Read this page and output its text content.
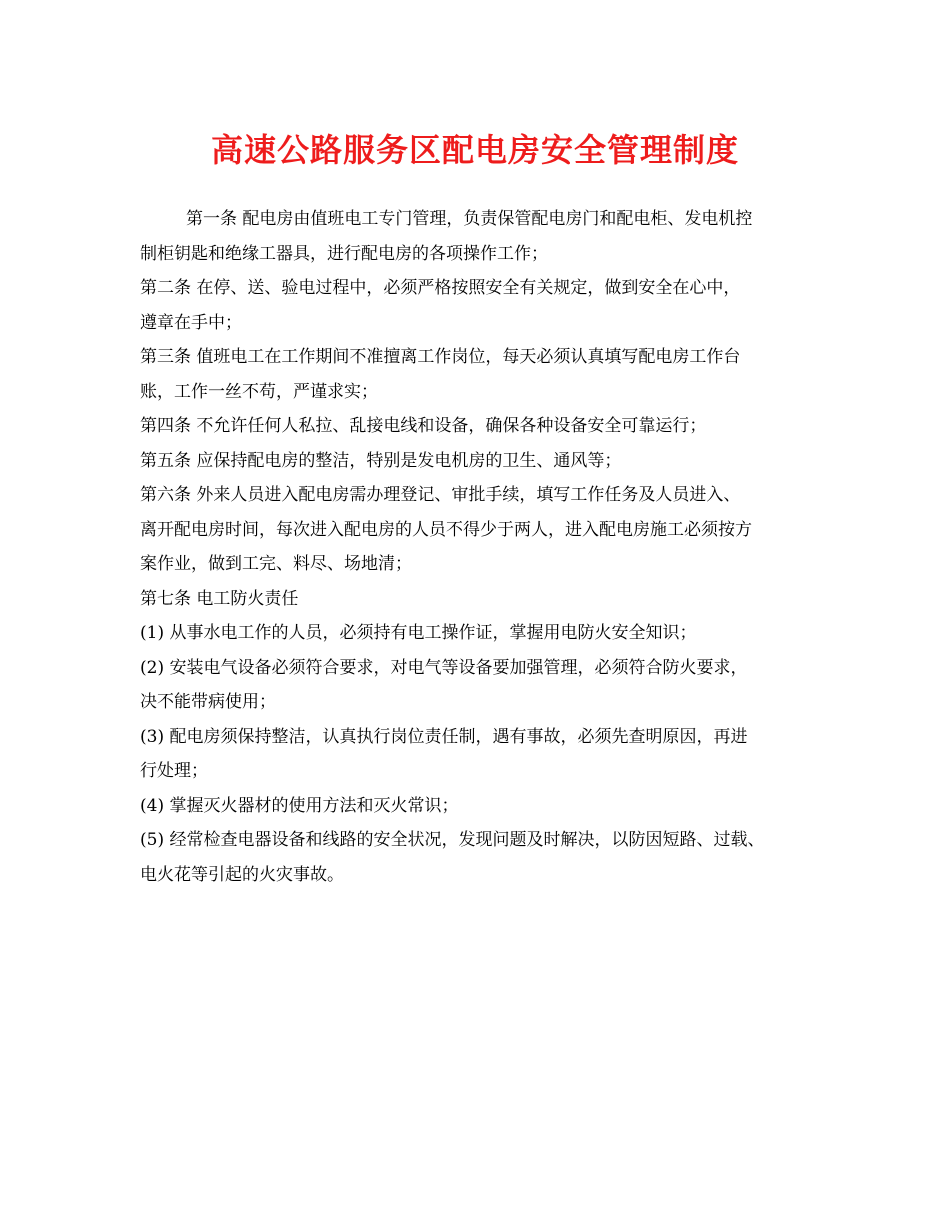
高速公路服务区配电房安全管理制度

第一条 配电房由值班电工专门管理，负责保管配电房门和配电柜、发电机控

制柜钥匙和绝缘工器具，进行配电房的各项操作工作；

第二条 在停、送、验电过程中，必须严格按照安全有关规定，做到安全在心中，

遵章在手中；

第三条 值班电工在工作期间不准擅离工作岗位，每天必须认真填写配电房工作台

账，工作一丝不苟，严谨求实；

第四条 不允许任何人私拉、乱接电线和设备，确保各种设备安全可靠运行；

第五条 应保持配电房的整洁，特别是发电机房的卫生、通风等；

第六条 外来人员进入配电房需办理登记、审批手续，填写工作任务及人员进入、

离开配电房时间，每次进入配电房的人员不得少于两人，进入配电房施工必须按方

案作业，做到工完、料尽、场地清；

第七条 电工防火责任

(1) 从事水电工作的人员，必须持有电工操作证，掌握用电防火安全知识；

(2) 安装电气设备必须符合要求，对电气等设备要加强管理，必须符合防火要求，

决不能带病使用；

(3) 配电房须保持整洁，认真执行岗位责任制，遇有事故，必须先查明原因，再进

行处理；

(4) 掌握灭火器材的使用方法和灭火常识；

(5) 经常检查电器设备和线路的安全状况，发现问题及时解决，以防因短路、过载、

电火花等引起的火灾事故。
